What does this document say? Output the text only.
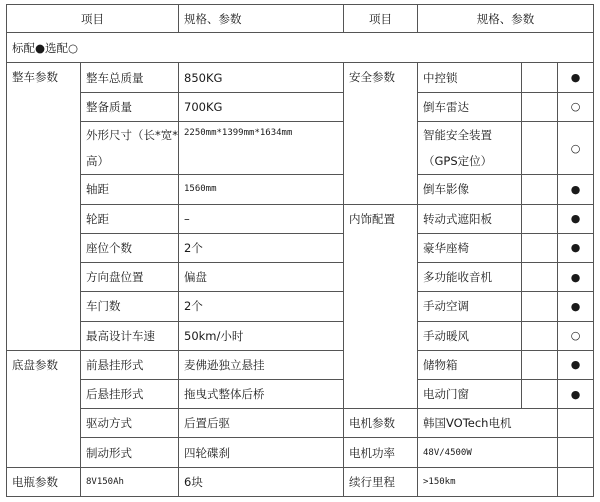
项目		规格、参数	项目	规格、参数		
标配●选配○						
整车参数	整车总质量	850KG	安全参数	中控锁		●
	整备质量	700KG		倒车雷达		○
	外形尺寸（长*宽*高）	2250mm*1399mm*1634mm		智能安全装置（GPS定位）		○
	轴距	1560mm		倒车影像		●
	轮距	–	内饰配置	转动式遮阳板		●
	座位个数	2个		豪华座椅		●
	方向盘位置	偏盘		多功能收音机		●
	车门数	2个		手动空调		●
	最高设计车速	50km/小时		手动暖风		○
底盘参数	前悬挂形式	麦佛逊独立悬挂		储物箱		●
	后悬挂形式	拖曳式整体后桥		电动门窗		●
	驱动方式	后置后驱	电机参数	韩国VOTech电机		
	制动形式	四轮碟刹	电机功率	48V/4500W		
电瓶参数	8V150Ah	6块	续行里程	>150km		
